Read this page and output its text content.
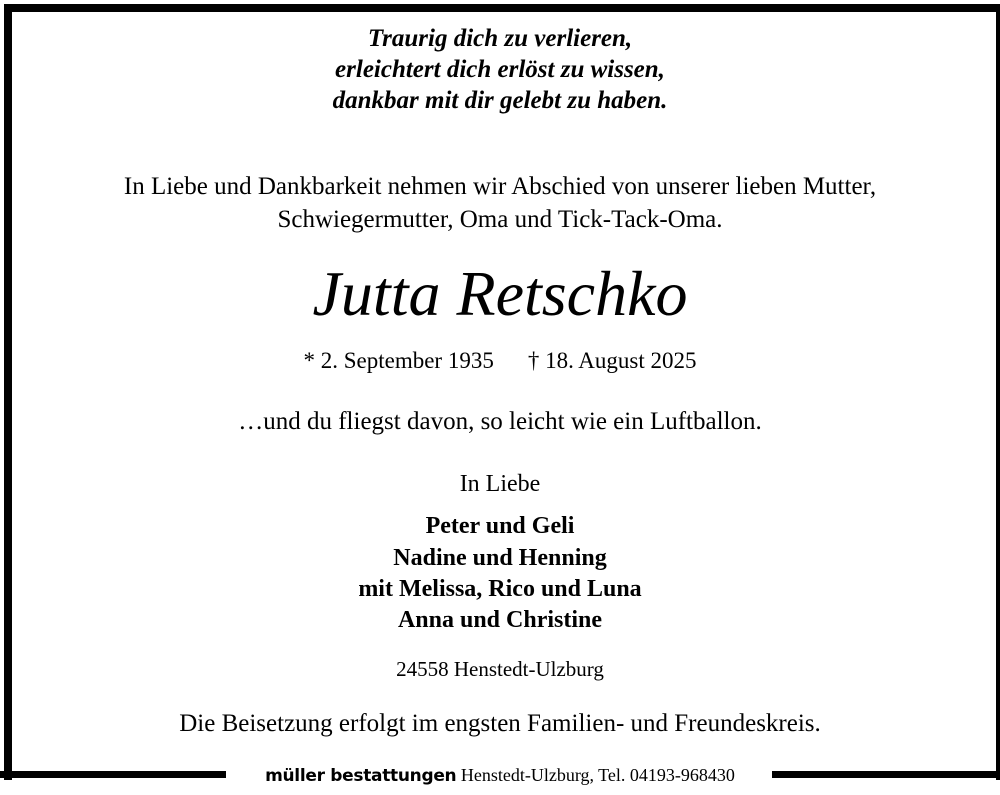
Traurig dich zu verlieren,
erleichtert dich erlöst zu wissen,
dankbar mit dir gelebt zu haben.
In Liebe und Dankbarkeit nehmen wir Abschied von unserer lieben Mutter,
Schwiegermutter, Oma und Tick-Tack-Oma.
Jutta Retschko
* 2. September 1935 † 18. August 2025
…und du fliegst davon, so leicht wie ein Luftballon.
In Liebe
Peter und Geli
Nadine und Henning
mit Melissa, Rico und Luna
Anna und Christine
24558 Henstedt-Ulzburg
Die Beisetzung erfolgt im engsten Familien- und Freundeskreis.
müller bestattungen Henstedt-Ulzburg, Tel. 04193-968430
